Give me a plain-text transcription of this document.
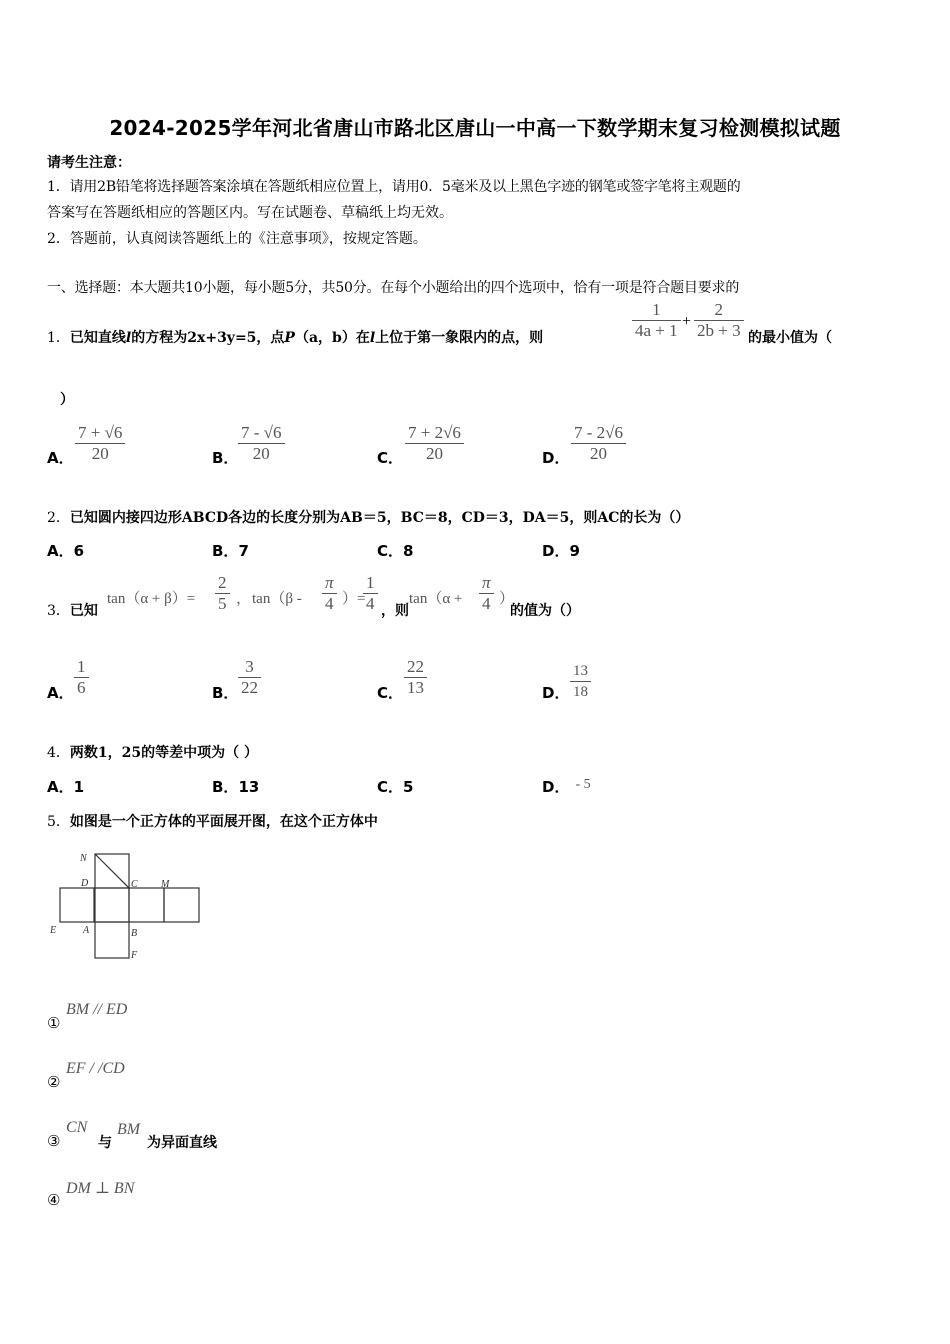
2024-2025学年河北省唐山市路北区唐山一中高一下数学期末复习检测模拟试题
请考生注意：
1．请用2B铅笔将选择题答案涂填在答题纸相应位置上，请用0．5毫米及以上黑色字迹的钢笔或签字笔将主观题的
答案写在答题纸相应的答题区内。写在试题卷、草稿纸上均无效。
2．答题前，认真阅读答题纸上的《注意事项》，按规定答题。
一、选择题：本大题共10小题，每小题5分，共50分。在每个小题给出的四个选项中，恰有一项是符合题目要求的
1．已知直线l的方程为2x+3y=5，点P（a，b）在l上位于第一象限内的点，则	$\frac{1}{4a + 1} + \frac{2}{2b + 3}$ 的最小值为（
）
A． $\frac{7 + √6}{20}$	B． $\frac{7 - √6}{20}$	C． $\frac{7 + 2√6}{20}$	D． $\frac{7 - 2√6}{20}$
2．已知圆内接四边形ABCD各边的长度分别为AB＝5，BC＝8，CD＝3，DA＝5，则AC的长为（）
A．6	B．7	C．8	D．9
3．已知
$\tan(\alpha + \beta)= \frac{2}{5}$ ， $\tan(\beta - \frac{\pi}{4}$ ）=
$\frac{1}{4}$ ，则
$\tan(\alpha + \frac{\pi}{4}$ ）
的值为（）
A． $\frac{1}{6}$	B． $\frac{3}{22}$	C． $\frac{22}{13}$	D． $\frac{13}{18}$
4．两数1，25的等差中项为（ ）
A．1	B．13	C．5	D． - 5
5．如图是一个正方体的平面展开图，在这个正方体中
N
D	C M
E	A	B
F
①
BM // ED
②
EF / /CD
③
CN
与
BM
为异面直线
④
DM ⊥ BN
